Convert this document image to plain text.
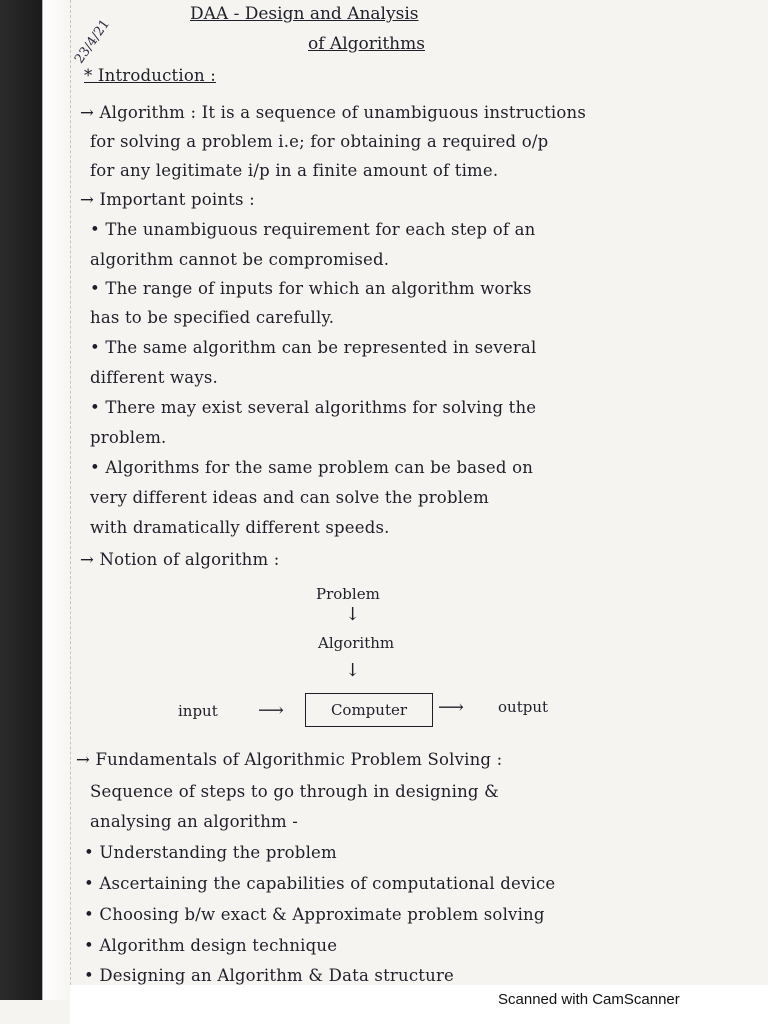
23/4/21
DAA - Design and Analysis
of Algorithms
* Introduction :
→ Algorithm : It is a sequence of unambiguous instructions
for solving a problem i.e; for obtaining a required o/p
for any legitimate i/p in a finite amount of time.
→ Important points :
• The unambiguous requirement for each step of an
algorithm cannot be compromised.
• The range of inputs for which an algorithm works
has to be specified carefully.
• The same algorithm can be represented in several
different ways.
• There may exist several algorithms for solving the
problem.
• Algorithms for the same problem can be based on
very different ideas and can solve the problem
with dramatically different speeds.
→ Notion of algorithm :
Problem
↓
Algorithm
↓
input ⟶	Computer ⟶ output
→ Fundamentals of Algorithmic Problem Solving :
Sequence of steps to go through in designing &
analysing an algorithm -
• Understanding the problem
• Ascertaining the capabilities of computational device
• Choosing b/w exact & Approximate problem solving
• Algorithm design technique
• Designing an Algorithm & Data structure
Scanned with CamScanner
